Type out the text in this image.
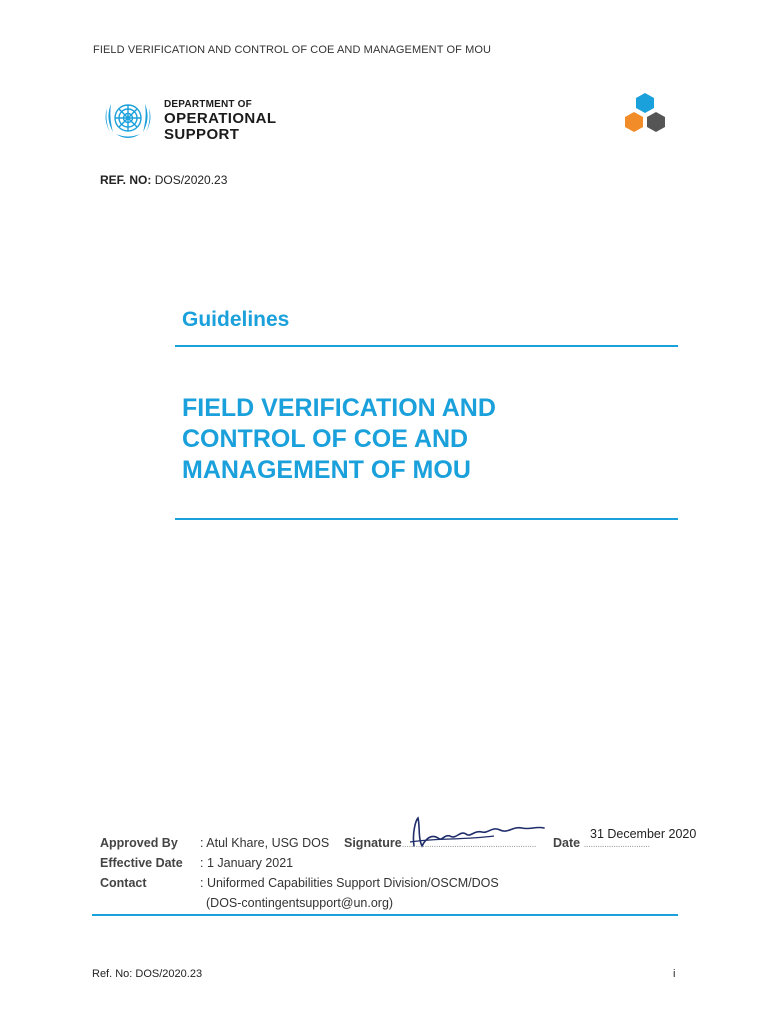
FIELD VERIFICATION AND CONTROL OF COE AND MANAGEMENT OF MOU
DEPARTMENT OF
OPERATIONAL
SUPPORT
REF. NO: DOS/2020.23
Guidelines
FIELD VERIFICATION AND
CONTROL OF COE AND
MANAGEMENT OF MOU
Approved By : Atul Khare, USG DOS Signature........................................................... Date .............................
31 December 2020
Effective Date : 1 January 2021
Contact	: Uniformed Capabilities Support Division/OSCM/DOS
(DOS-contingentsupport@un.org)
Ref. No: DOS/2020.23	i
